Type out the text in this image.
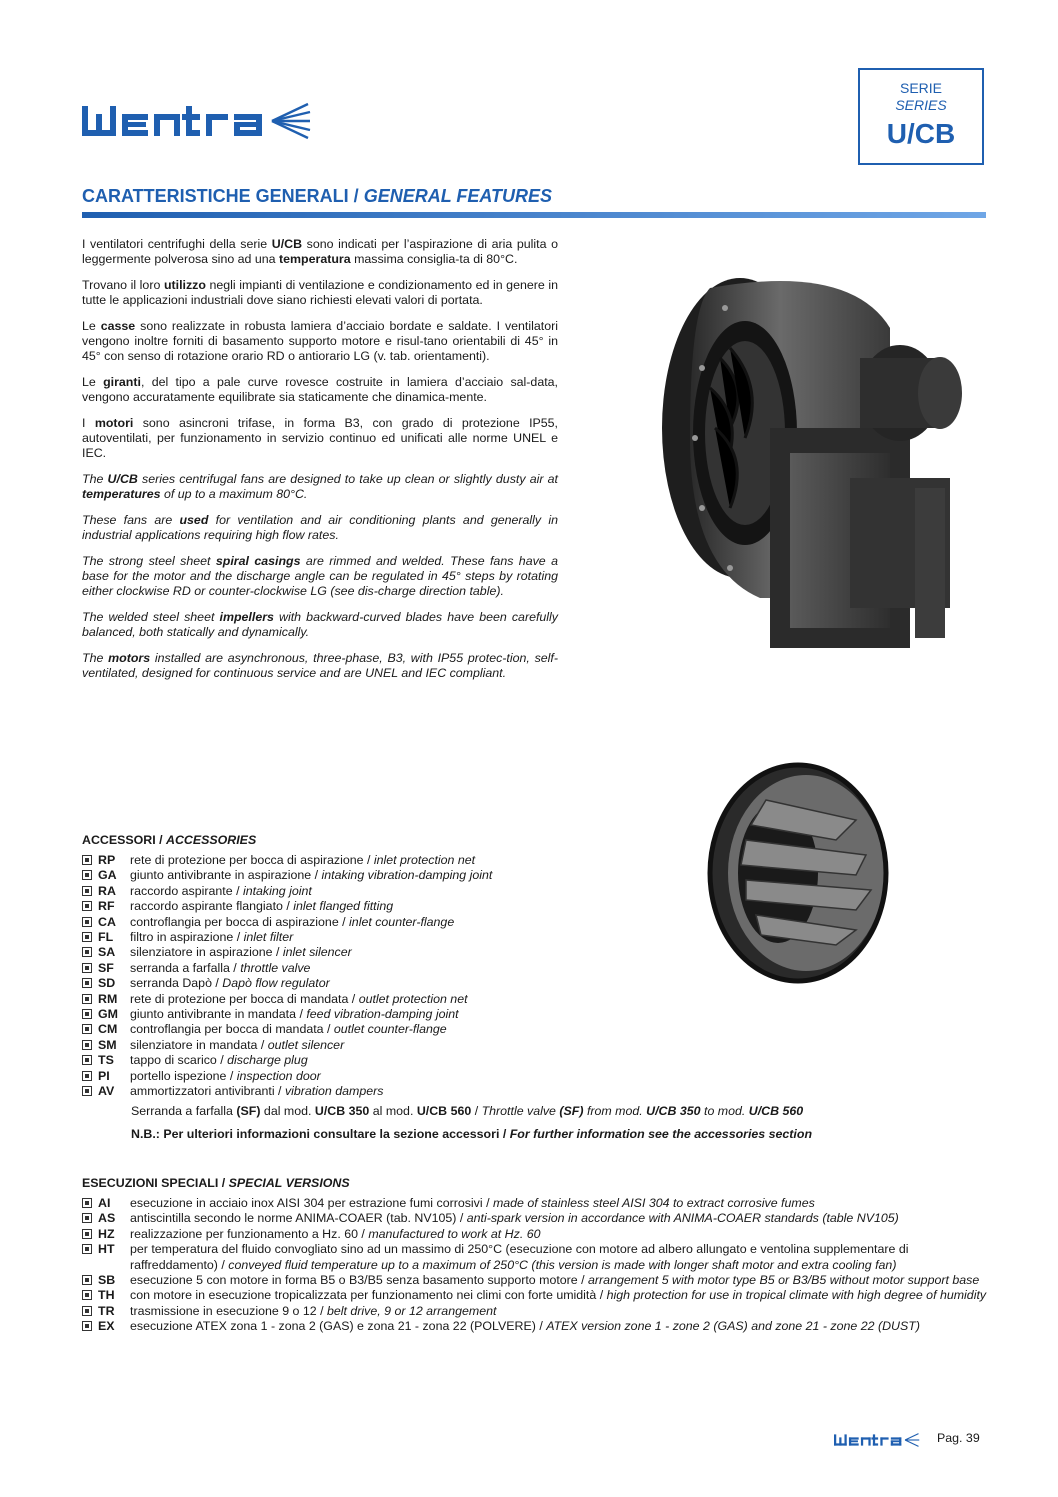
SERIE
SERIES
U/CB
CARATTERISTICHE GENERALI / GENERAL FEATURES

I ventilatori centrifughi della serie U/CB sono indicati per l’aspirazione di aria pulita o leggermente polverosa sino ad una temperatura massima consiglia-ta di 80°C.

Trovano il loro utilizzo negli impianti di ventilazione e condizionamento ed in genere in tutte le applicazioni industriali dove siano richiesti elevati valori di portata.

Le casse sono realizzate in robusta lamiera d’acciaio bordate e saldate. I ventilatori vengono inoltre forniti di basamento supporto motore e risul-tano orientabili di 45° in 45° con senso di rotazione orario RD o antiorario LG (v. tab. orientamenti).

Le giranti, del tipo a pale curve rovesce costruite in lamiera d’acciaio sal-data, vengono accuratamente equilibrate sia staticamente che dinamica-mente.

I motori sono asincroni trifase, in forma B3, con grado di protezione IP55, autoventilati, per funzionamento in servizio continuo ed unificati alle norme UNEL e IEC.

The U/CB series centrifugal fans are designed to take up clean or slightly dusty air at temperatures of up to a maximum 80°C.

These fans are used for ventilation and air conditioning plants and generally in industrial applications requiring high flow rates.

The strong steel sheet spiral casings are rimmed and welded. These fans have a base for the motor and the discharge angle can be regulated in 45° steps by rotating either clockwise RD or counter-clockwise LG (see dis-charge direction table).

The welded steel sheet impellers with backward-curved blades have been carefully balanced, both statically and dynamically.

The motors installed are asynchronous, three-phase, B3, with IP55 protec-tion, self-ventilated, designed for continuous service and are UNEL and IEC compliant.

ACCESSORI / ACCESSORIES
RP	rete di protezione per bocca di aspirazione / inlet protection net
GA	giunto antivibrante in aspirazione / intaking vibration-damping joint
RA	raccordo aspirante / intaking joint
RF	raccordo aspirante flangiato / inlet flanged fitting
CA	controflangia per bocca di aspirazione / inlet counter-flange
FL	filtro in aspirazione / inlet filter
SA	silenziatore in aspirazione / inlet silencer
SF	serranda a farfalla / throttle valve
SD	serranda Dapò / Dapò flow regulator
RM	rete di protezione per bocca di mandata / outlet protection net
GM giunto antivibrante in mandata / feed vibration-damping joint
CM	controflangia per bocca di mandata / outlet counter-flange
SM	silenziatore in mandata / outlet silencer
TS	tappo di scarico / discharge plug
PI	portello ispezione / inspection door
AV	ammortizzatori antivibranti / vibration dampers
Serranda a farfalla (SF) dal mod. U/CB 350 al mod. U/CB 560 / Throttle valve (SF) from mod. U/CB 350 to mod. U/CB 560
N.B.: Per ulteriori informazioni consultare la sezione accessori / For further information see the accessories section
ESECUZIONI SPECIALI / SPECIAL VERSIONS
AI	esecuzione in acciaio inox AISI 304 per estrazione fumi corrosivi / made of stainless steel AISI 304 to extract corrosive fumes
AS	antiscintilla secondo le norme ANIMA-COAER (tab. NV105) / anti-spark version in accordance with ANIMA-COAER standards (table NV105)
HZ	realizzazione per funzionamento a Hz. 60 / manufactured to work at Hz. 60
HT	per temperatura del fluido convogliato sino ad un massimo di 250°C (esecuzione con motore ad albero allungato e ventolina supplementare di raffreddamento) / conveyed fluid temperature up to a maximum of 250°C (this version is made with longer shaft motor and extra cooling fan)
SB	esecuzione 5 con motore in forma B5 o B3/B5 senza basamento supporto motore / arrangement 5 with motor type B5 or B3/B5 without motor support base
TH	con motore in esecuzione tropicalizzata per funzionamento nei climi con forte umidità / high protection for use in tropical climate with high degree of humidity
TR	trasmissione in esecuzione 9 o 12 / belt drive, 9 or 12 arrangement
EX	esecuzione ATEX zona 1 - zona 2 (GAS) e zona 21 - zona 22 (POLVERE) / ATEX version zone 1 - zone 2 (GAS) and zone 21 - zone 22 (DUST)
Pag. 39
